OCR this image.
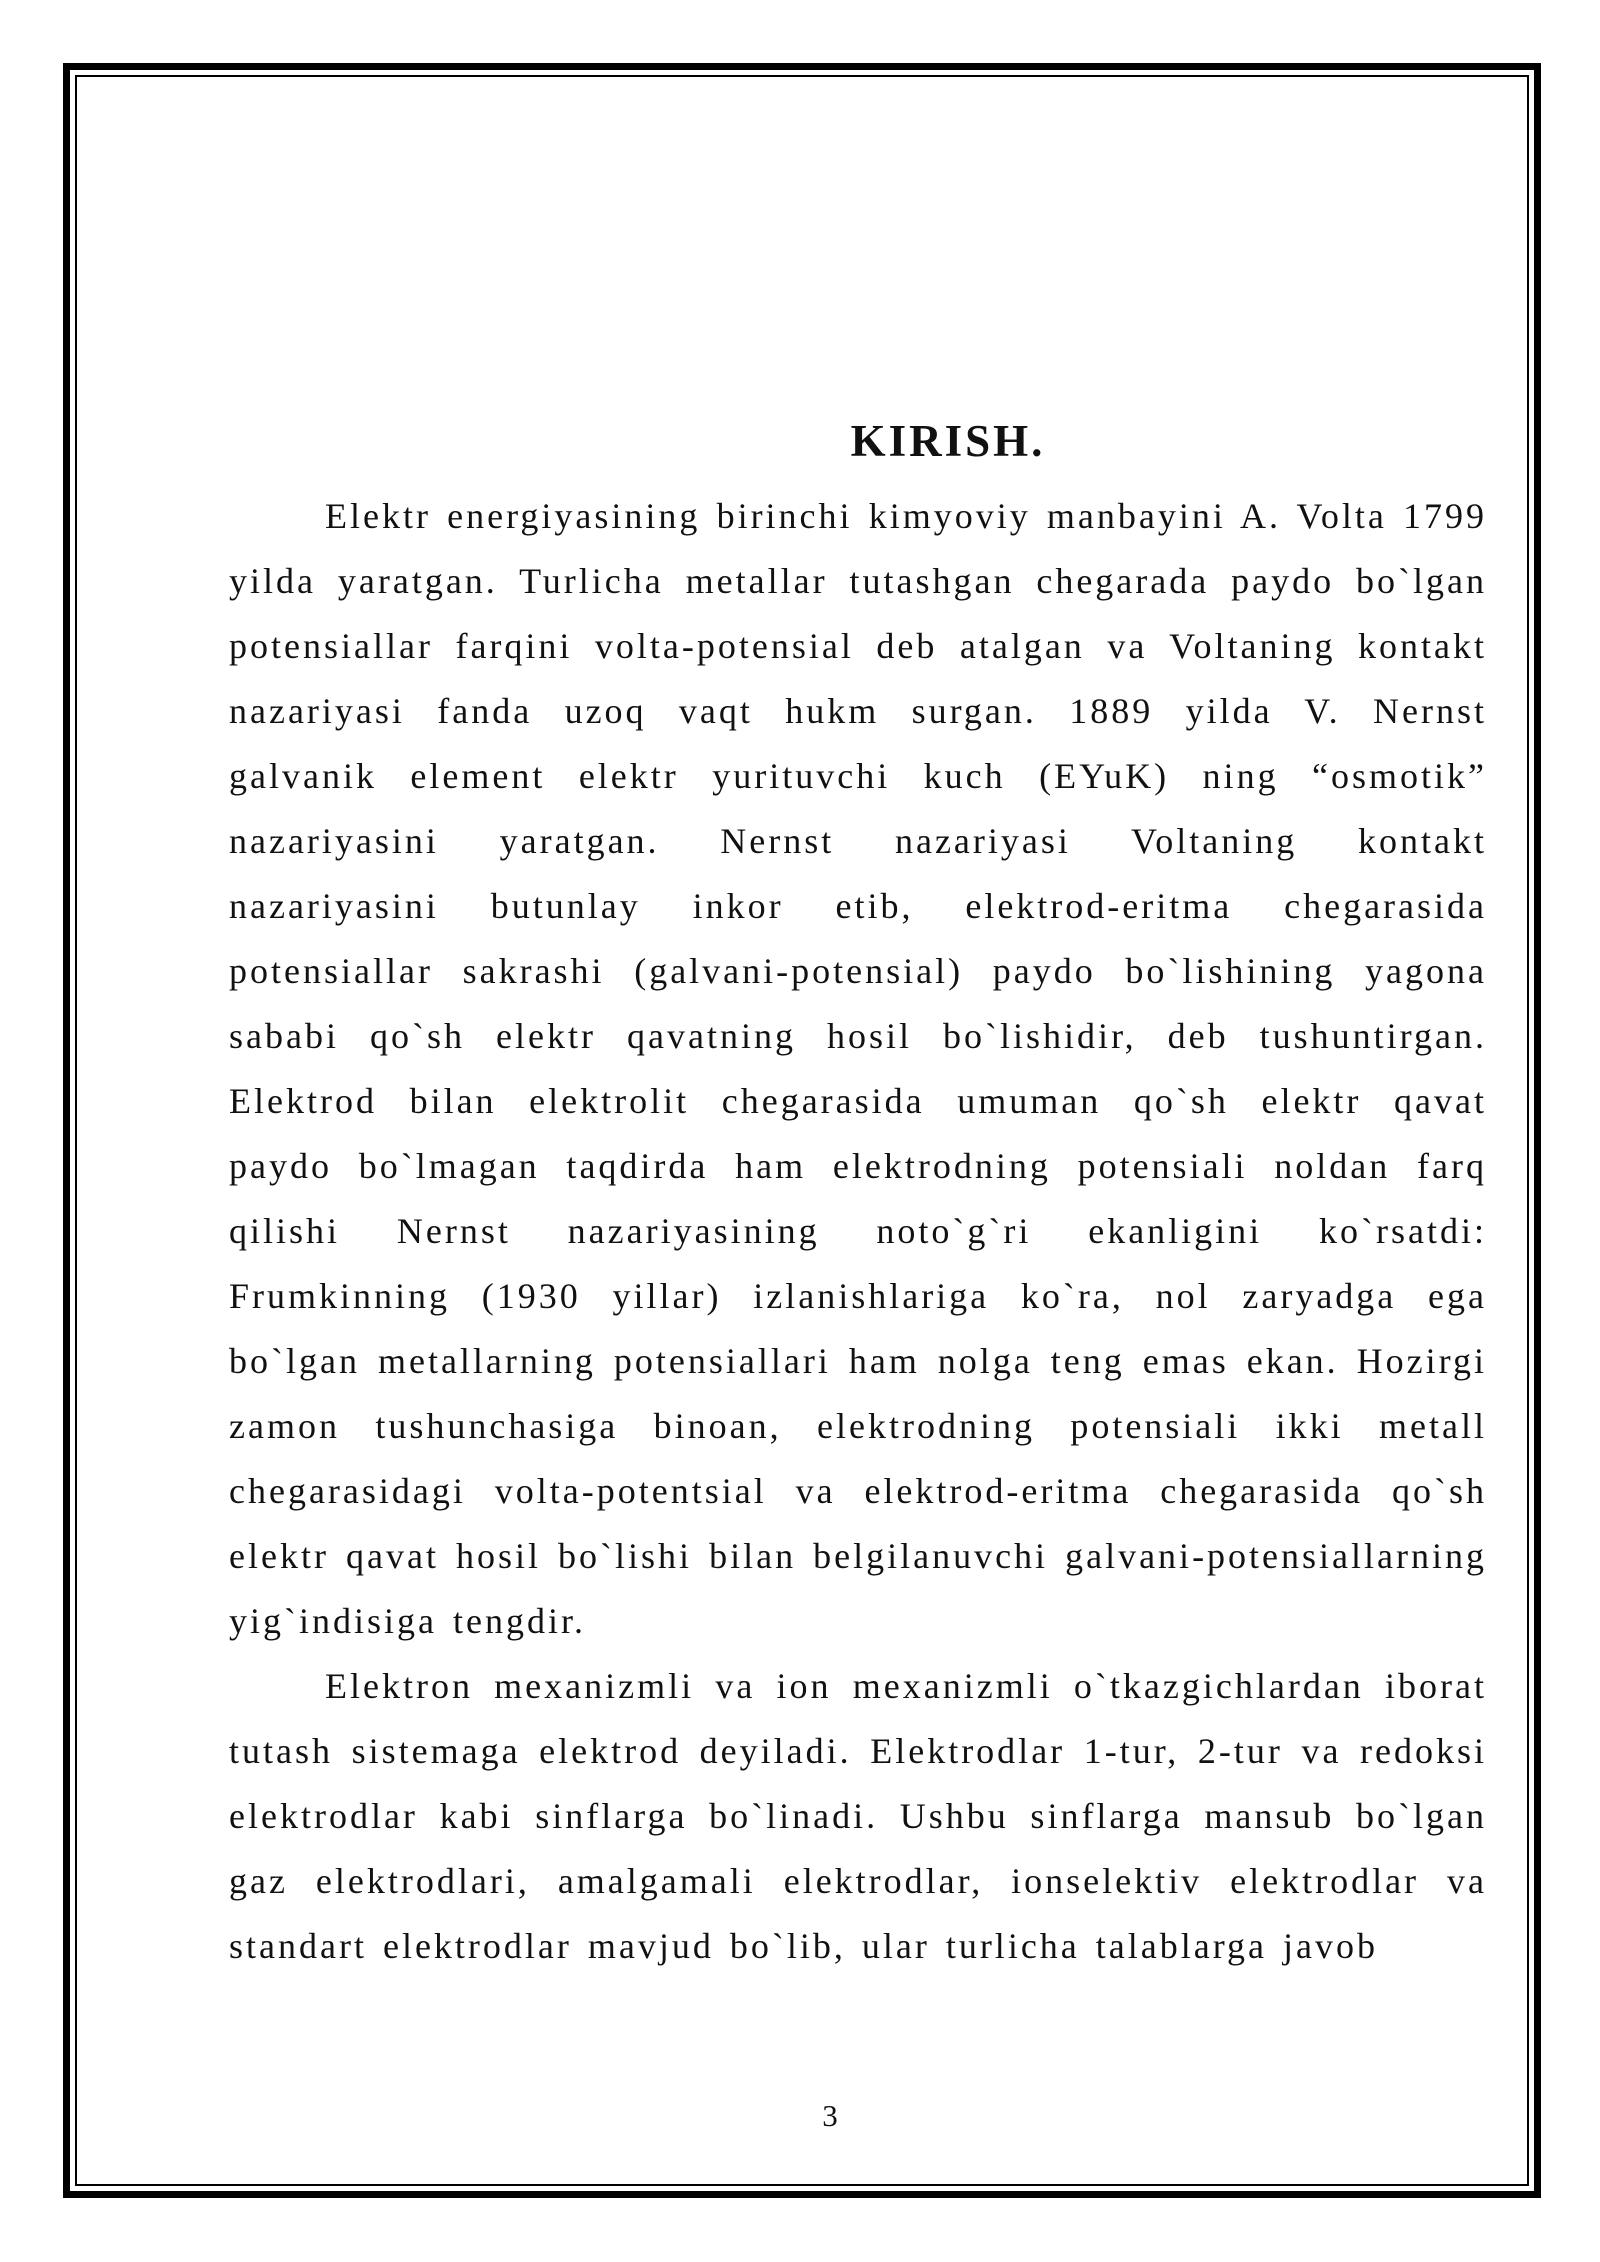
KIRISH.

Elektr energiyasining birinchi kimyoviy manbayini A. Volta 1799 yilda yaratgan. Turlicha metallar tutashgan chegarada paydo bo`lgan potensiallar farqini volta-potensial deb atalgan va Voltaning kontakt nazariyasi fanda uzoq vaqt hukm surgan. 1889 yilda V. Nernst galvanik element elektr yurituvchi kuch (EYuK) ning “osmotik” nazariyasini yaratgan. Nernst nazariyasi Voltaning kontakt nazariyasini butunlay inkor etib, elektrod-eritma chegarasida potensiallar sakrashi (galvani-potensial) paydo bo`lishining yagona sababi qo`sh elektr qavatning hosil bo`lishidir, deb tushuntirgan. Elektrod bilan elektrolit chegarasida umuman qo`sh elektr qavat paydo bo`lmagan taqdirda ham elektrodning potensiali noldan farq qilishi Nernst nazariyasining noto`g`ri ekanligini ko`rsatdi: Frumkinning (1930 yillar) izlanishlariga ko`ra, nol zaryadga ega bo`lgan metallarning potensiallari ham nolga teng emas ekan. Hozirgi zamon tushunchasiga binoan, elektrodning potensiali ikki metall chegarasidagi volta-potentsial va elektrod-eritma chegarasida qo`sh elektr qavat hosil bo`lishi bilan belgilanuvchi galvani-potensiallarning yig`indisiga tengdir.

Elektron mexanizmli va ion mexanizmli o`tkazgichlardan iborat tutash sistemaga elektrod deyiladi. Elektrodlar 1-tur, 2-tur va redoksi elektrodlar kabi sinflarga bo`linadi. Ushbu sinflarga mansub bo`lgan gaz elektrodlari, amalgamali elektrodlar, ionselektiv elektrodlar va standart elektrodlar mavjud bo`lib, ular turlicha talablarga javob

3
